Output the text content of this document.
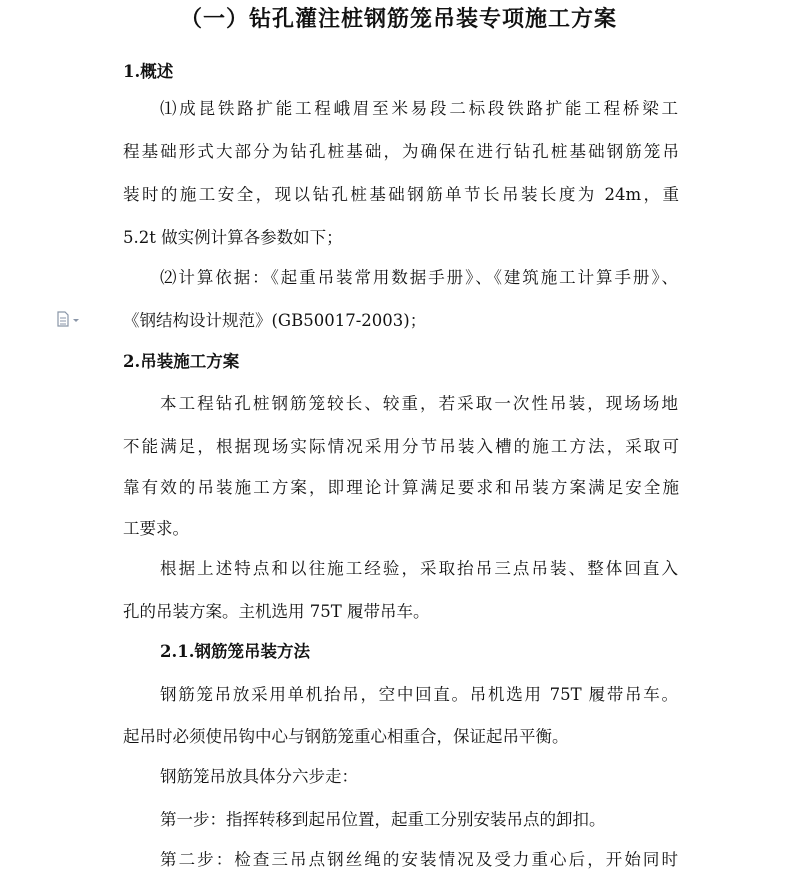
（一）钻孔灌注桩钢筋笼吊装专项施工方案
1.概述
⑴成昆铁路扩能工程峨眉至米易段二标段铁路扩能工程桥梁工
程基础形式大部分为钻孔桩基础，为确保在进行钻孔桩基础钢筋笼吊
装时的施工安全，现以钻孔桩基础钢筋单节长吊装长度为 24m，重
5.2t 做实例计算各参数如下；
⑵计算依据：《起重吊装常用数据手册》、《建筑施工计算手册》、
《钢结构设计规范》(GB50017-2003)；
2.吊装施工方案
本工程钻孔桩钢筋笼较长、较重，若采取一次性吊装，现场场地
不能满足，根据现场实际情况采用分节吊装入槽的施工方法，采取可
靠有效的吊装施工方案，即理论计算满足要求和吊装方案满足安全施
工要求。
根据上述特点和以往施工经验，采取抬吊三点吊装、整体回直入
孔的吊装方案。主机选用 75T 履带吊车。
2.1.钢筋笼吊装方法
钢筋笼吊放采用单机抬吊，空中回直。吊机选用 75T 履带吊车。
起吊时必须使吊钩中心与钢筋笼重心相重合，保证起吊平衡。
钢筋笼吊放具体分六步走：
第一步：指挥转移到起吊位置，起重工分别安装吊点的卸扣。
第二步：检查三吊点钢丝绳的安装情况及受力重心后，开始同时
